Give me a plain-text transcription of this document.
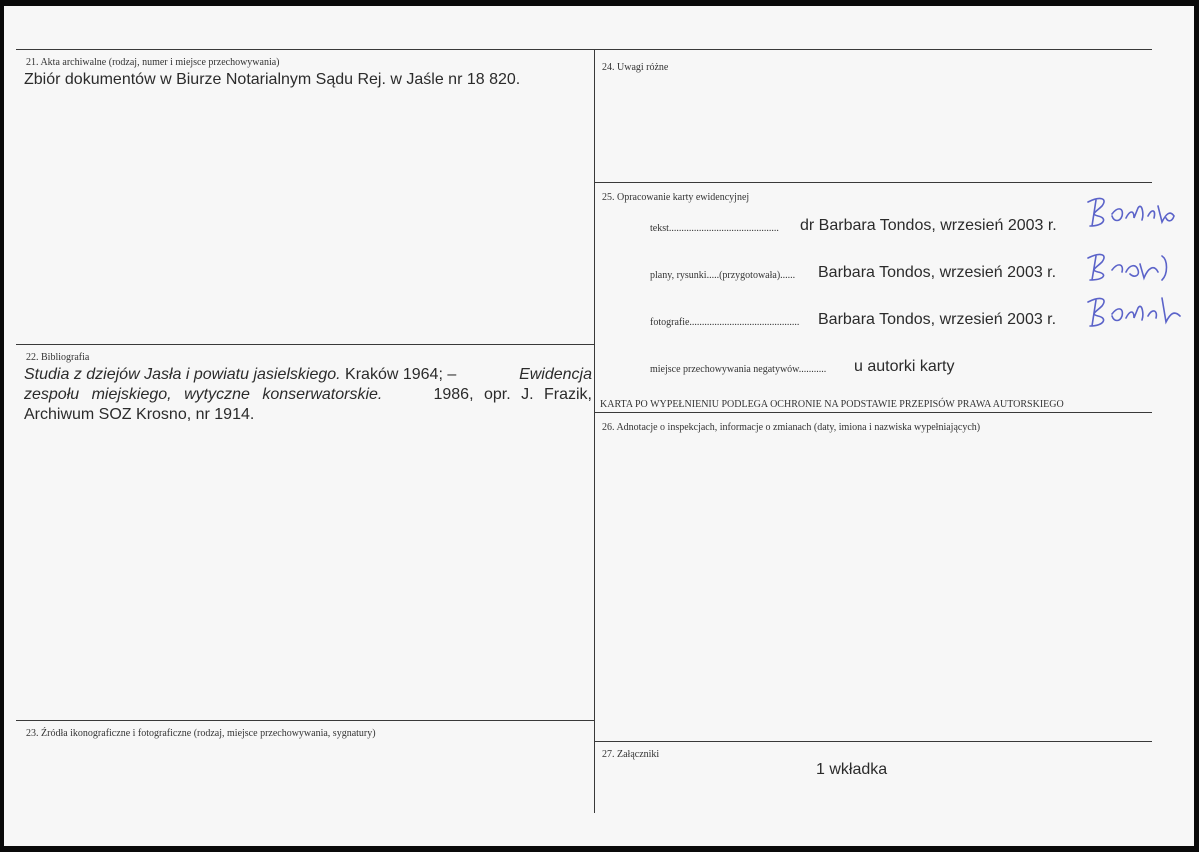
21. Akta archiwalne (rodzaj, numer i miejsce przechowywania)
Zbiór dokumentów w Biurze Notarialnym Sądu Rej. w Jaśle nr 18 820.
22. Bibliografia
Studia z dziejów Jasła i powiatu jasielskiego. Kraków 1964; –	Ewidencja
zespołu miejskiego, wytyczne konserwatorskie.	1986, opr. J. Frazik,
Archiwum SOZ Krosno, nr 1914.
23. Źródła ikonograficzne i fotograficzne (rodzaj, miejsce przechowywania, sygnatury)
24. Uwagi różne
25. Opracowanie karty ewidencyjnej
tekst............................................ dr Barbara Tondos, wrzesień 2003 r.
plany, rysunki.....(przygotowała)...... Barbara Tondos, wrzesień 2003 r.
fotografie............................................ Barbara Tondos, wrzesień 2003 r.
miejsce przechowywania negatywów........... u autorki karty
KARTA PO WYPEŁNIENIU PODLEGA OCHRONIE NA PODSTAWIE PRZEPISÓW PRAWA AUTORSKIEGO
26. Adnotacje o inspekcjach, informacje o zmianach (daty, imiona i nazwiska wypełniających)
27. Załączniki
1 wkładka
